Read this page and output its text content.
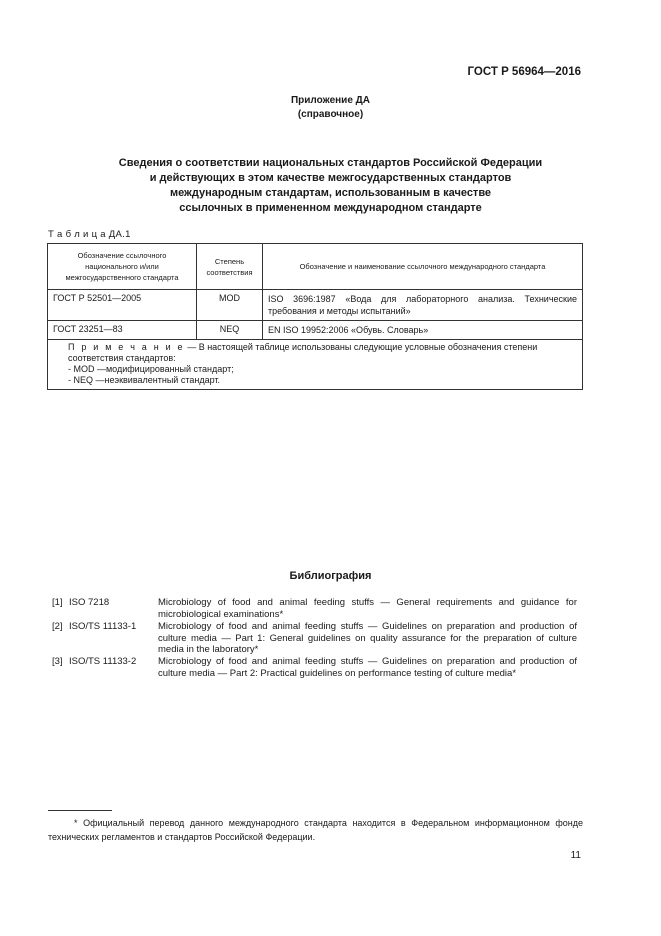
ГОСТ Р 56964—2016
Приложение ДА
(справочное)
Сведения о соответствии национальных стандартов Российской Федерации
и действующих в этом качестве межгосударственных стандартов
международным стандартам, использованным в качестве
ссылочных в примененном международном стандарте
Т а б л и ц а ДА.1
Обозначение ссылочного национального и/или межгосударственного стандарта	Степень соответствия	Обозначение и наименование ссылочного международного стандарта
ГОСТ Р 52501—2005	MOD	ISO 3696:1987 «Вода для лабораторного анализа. Технические требования и методы испытаний»
ГОСТ 23251—83	NEQ	EN ISO 19952:2006 «Обувь. Словарь»

П р и м е ч а н и е — В настоящей таблице использованы следующие условные обозначения степени соответствия стандартов:
- MOD —модифицированный стандарт;
- NEQ —неэквивалентный стандарт.		
Библиография
[1] ISO 7218	Microbiology of food and animal feeding stuffs — General requirements and guidance for microbiological examinations*
[2] ISO/TS 11133-1	Microbiology of food and animal feeding stuffs — Guidelines on preparation and production of culture media — Part 1: General guidelines on quality assurance for the preparation of culture media in the laboratory*
[3] ISO/TS 11133-2	Microbiology of food and animal feeding stuffs — Guidelines on preparation and production of culture media — Part 2: Practical guidelines on performance testing of culture media*
* Официальный перевод данного международного стандарта находится в Федеральном информационном фонде технических регламентов и стандартов Российской Федерации.
11
